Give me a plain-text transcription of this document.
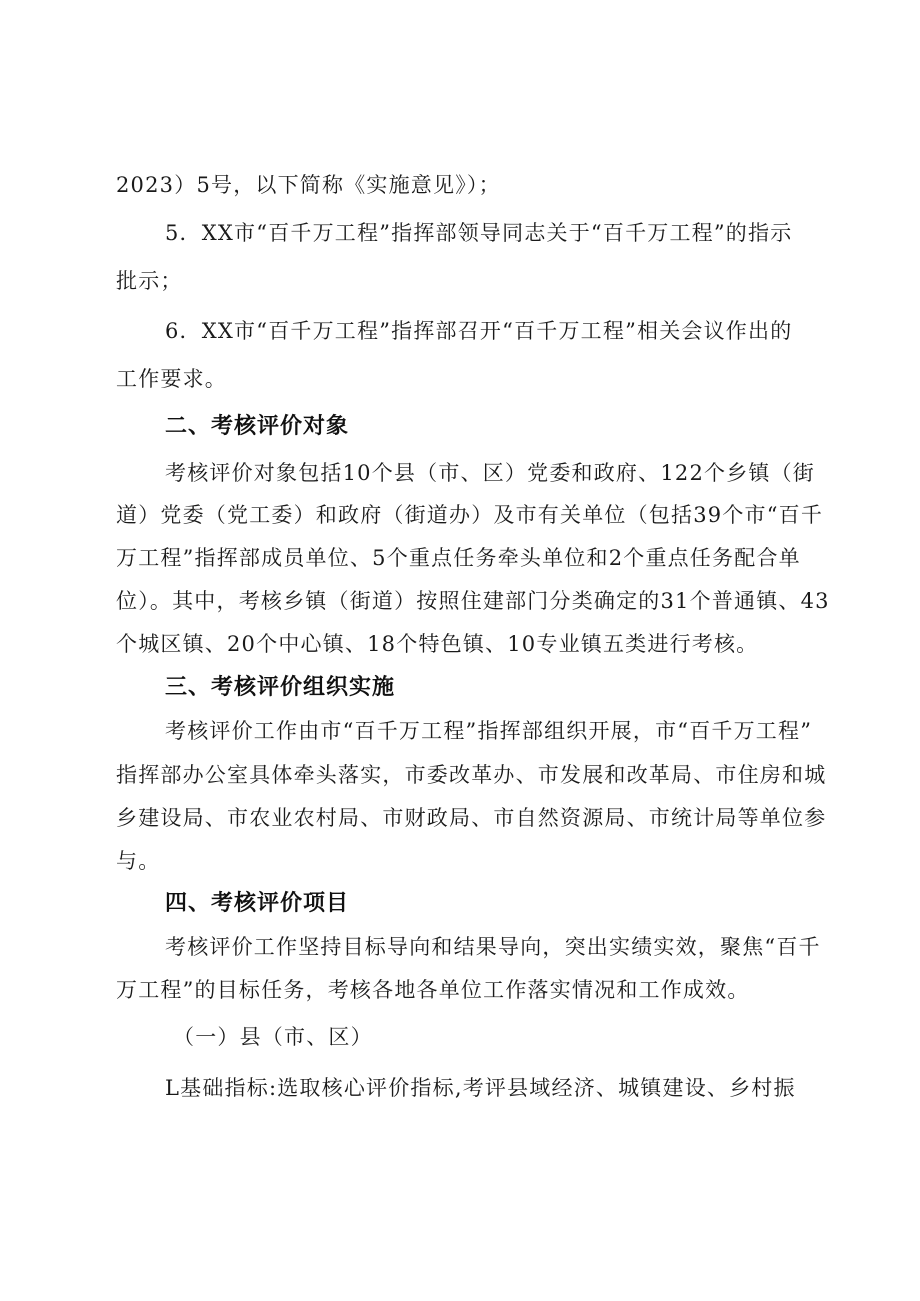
2023）5号，以下简称《实施意见》）；
5．XX市“百千万工程”指挥部领导同志关于“百千万工程”的指示
批示；
6．XX市“百千万工程”指挥部召开“百千万工程”相关会议作出的
工作要求。
二、考核评价对象
考核评价对象包括10个县（市、区）党委和政府、122个乡镇（街
道）党委（党工委）和政府（街道办）及市有关单位（包括39个市“百千
万工程”指挥部成员单位、5个重点任务牵头单位和2个重点任务配合单
位）。其中，考核乡镇（街道）按照住建部门分类确定的31个普通镇、43
个城区镇、20个中心镇、18个特色镇、10专业镇五类进行考核。
三、考核评价组织实施
考核评价工作由市“百千万工程”指挥部组织开展，市“百千万工程”
指挥部办公室具体牵头落实，市委改革办、市发展和改革局、市住房和城
乡建设局、市农业农村局、市财政局、市自然资源局、市统计局等单位参
与。
四、考核评价项目
考核评价工作坚持目标导向和结果导向，突出实绩实效，聚焦“百千
万工程”的目标任务，考核各地各单位工作落实情况和工作成效。
（一）县（市、区）
L基础指标:选取核心评价指标,考评县域经济、城镇建设、乡村振
